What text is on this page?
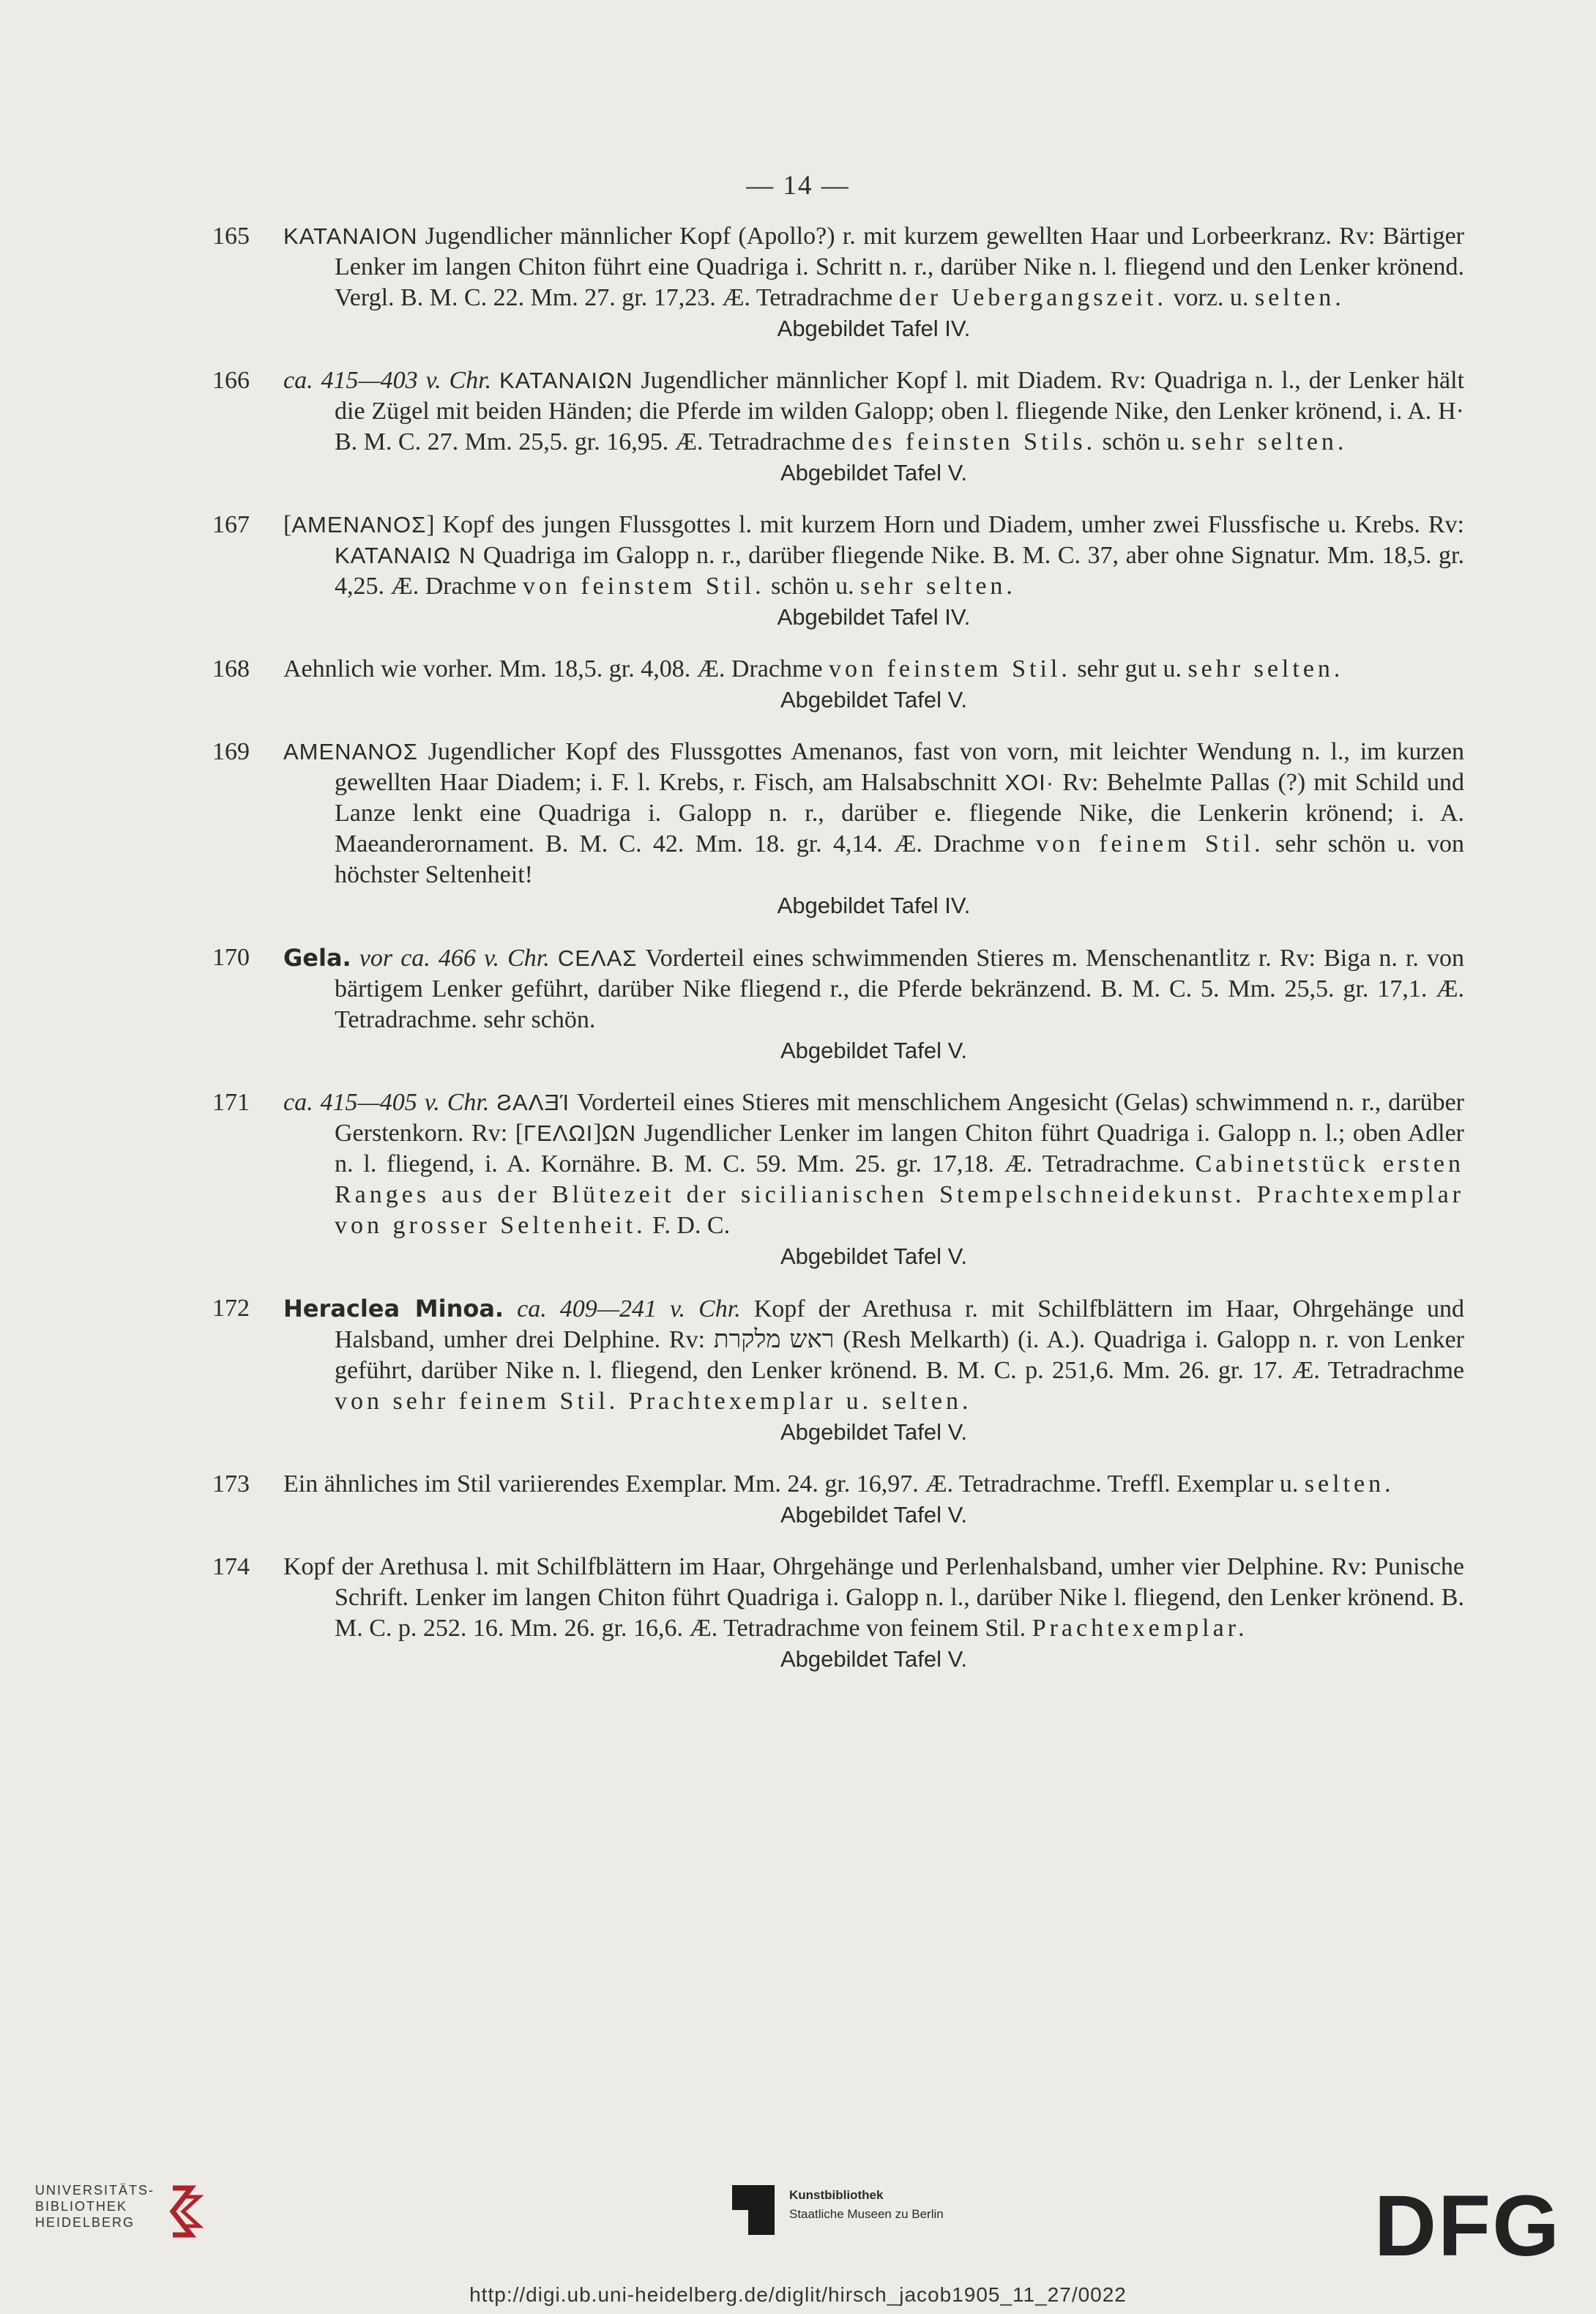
— 14 —
165	KATANAION Jugendlicher männlicher Kopf (Apollo?) r. mit kurzem gewellten Haar und Lorbeerkranz. Rv: Bärtiger Lenker im langen Chiton führt eine Quadriga i. Schritt n. r., darüber Nike n. l. fliegend und den Lenker krönend. Vergl. B. M. C. 22. Mm. 27. gr. 17,23. Æ. Tetradrachme der Uebergangszeit. vorz. u. selten.
Abgebildet Tafel IV.
166	ca. 415—403 v. Chr. KATANAIΩN Jugendlicher männlicher Kopf l. mit Diadem. Rv: Quadriga n. l., der Lenker hält die Zügel mit beiden Händen; die Pferde im wilden Galopp; oben l. fliegende Nike, den Lenker krönend, i. A. H· B. M. C. 27. Mm. 25,5. gr. 16,95. Æ. Tetradrachme des feinsten Stils. schön u. sehr selten.
Abgebildet Tafel V.
167	[AMENANOΣ] Kopf des jungen Flussgottes l. mit kurzem Horn und Diadem, umher zwei Flussfische u. Krebs. Rv: KATANAIΩ N Quadriga im Galopp n. r., darüber fliegende Nike. B. M. C. 37, aber ohne Signatur. Mm. 18,5. gr. 4,25. Æ. Drachme von feinstem Stil. schön u. sehr selten.
Abgebildet Tafel IV.
168	Aehnlich wie vorher. Mm. 18,5. gr. 4,08. Æ. Drachme von feinstem Stil. sehr gut u. sehr selten.
Abgebildet Tafel V.
169	AMENANOΣ Jugendlicher Kopf des Flussgottes Amenanos, fast von vorn, mit leichter Wendung n. l., im kurzen gewellten Haar Diadem; i. F. l. Krebs, r. Fisch, am Halsabschnitt XOI· Rv: Behelmte Pallas (?) mit Schild und Lanze lenkt eine Quadriga i. Galopp n. r., darüber e. fliegende Nike, die Lenkerin krönend; i. A. Maeanderornament. B. M. C. 42. Mm. 18. gr. 4,14. Æ. Drachme von feinem Stil. sehr schön u. von höchster Seltenheit!
Abgebildet Tafel IV.
170	Gela. vor ca. 466 v. Chr. CEΛAΣ Vorderteil eines schwimmenden Stieres m. Menschenantlitz r. Rv: Biga n. r. von bärtigem Lenker geführt, darüber Nike fliegend r., die Pferde bekränzend. B. M. C. 5. Mm. 25,5. gr. 17,1. Æ. Tetradrachme. sehr schön.
Abgebildet Tafel V.
171	ca. 415—405 v. Chr. ƧAΛƎΊ Vorderteil eines Stieres mit menschlichem Angesicht (Gelas) schwimmend n. r., darüber Gerstenkorn. Rv: [ΓEΛΩI]ΩN Jugendlicher Lenker im langen Chiton führt Quadriga i. Galopp n. l.; oben Adler n. l. fliegend, i. A. Kornähre. B. M. C. 59. Mm. 25. gr. 17,18. Æ. Tetradrachme. Cabinetstück ersten Ranges aus der Blütezeit der sicilianischen Stempelschneidekunst. Prachtexemplar von grosser Seltenheit. F. D. C.
Abgebildet Tafel V.
172	Heraclea Minoa. ca. 409—241 v. Chr. Kopf der Arethusa r. mit Schilfblättern im Haar, Ohrgehänge und Halsband, umher drei Delphine. Rv: ראש מלקרת (Resh Melkarth) (i. A.). Quadriga i. Galopp n. r. von Lenker geführt, darüber Nike n. l. fliegend, den Lenker krönend. B. M. C. p. 251,6. Mm. 26. gr. 17. Æ. Tetradrachme von sehr feinem Stil. Prachtexemplar u. selten.
Abgebildet Tafel V.
173	Ein ähnliches im Stil variierendes Exemplar. Mm. 24. gr. 16,97. Æ. Tetradrachme. Treffl. Exemplar u. selten.
Abgebildet Tafel V.
174	Kopf der Arethusa l. mit Schilfblättern im Haar, Ohrgehänge und Perlenhalsband, umher vier Delphine. Rv: Punische Schrift. Lenker im langen Chiton führt Quadriga i. Galopp n. l., darüber Nike l. fliegend, den Lenker krönend. B. M. C. p. 252. 16. Mm. 26. gr. 16,6. Æ. Tetradrachme von feinem Stil. Prachtexemplar.
Abgebildet Tafel V.
UNIVERSITÄTS-
BIBLIOTHEK
HEIDELBERG
Kunstbibliothek
Staatliche Museen zu Berlin	DFG
http://digi.ub.uni-heidelberg.de/diglit/hirsch_jacob1905_11_27/0022
